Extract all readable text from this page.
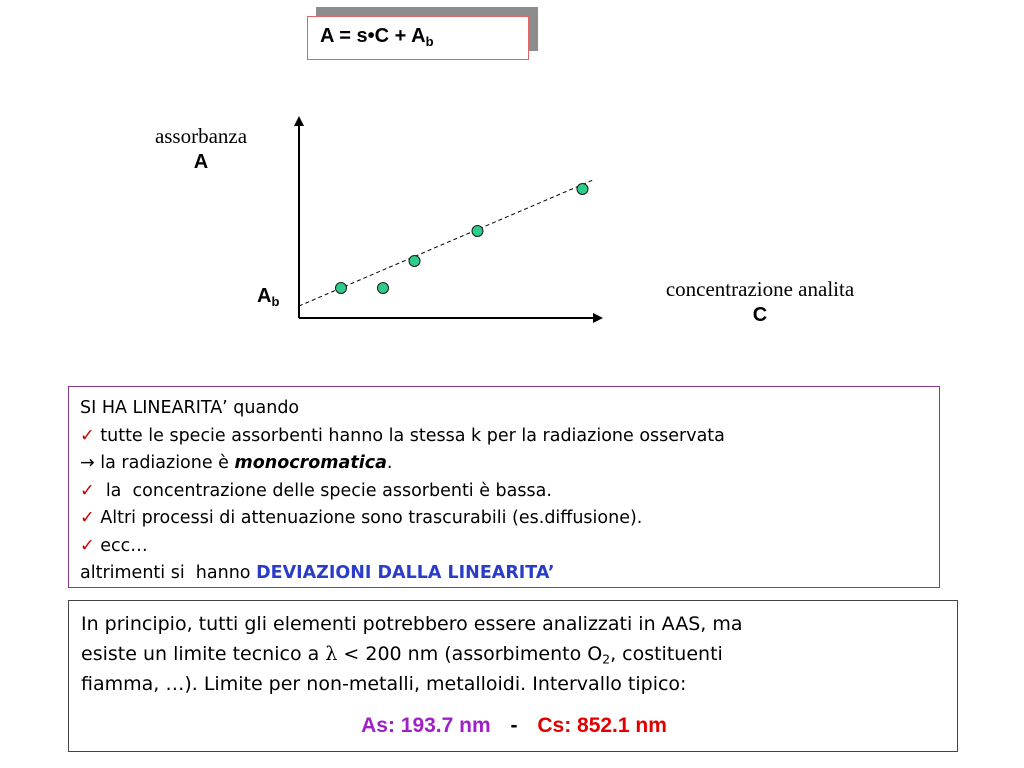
A = s•C + $A_b$
assorbanza
A
concentrazione analita
C
$A_b$
SI HA LINEARITA’ quando
✓ tutte le specie assorbenti hanno la stessa k per la radiazione osservata
→ la radiazione è monocromatica.
✓  la  concentrazione delle specie assorbenti è bassa.
✓ Altri processi di attenuazione sono trascurabili (es.diffusione).
✓ ecc…
altrimenti si  hanno DEVIAZIONI DALLA LINEARITA’
In principio, tutti gli elementi potrebbero essere analizzati in AAS, ma
esiste un limite tecnico a λ < 200 nm (assorbimento $O_2$, costituenti
fiamma, …). Limite per non-metalli, metalloidi. Intervallo tipico:
As: 193.7 nm - Cs: 852.1 nm
